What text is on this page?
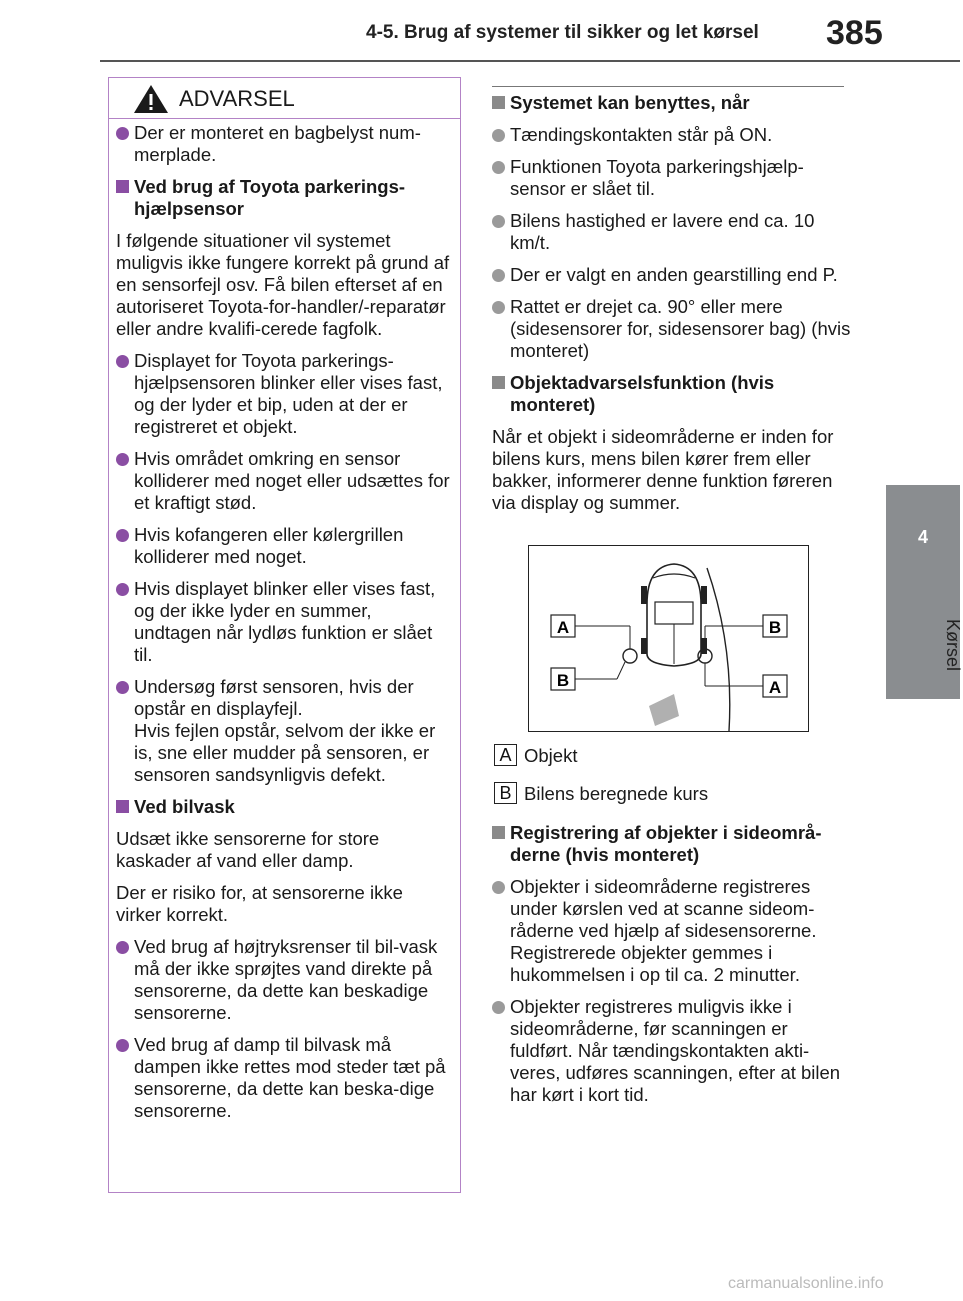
4-5. Brug af systemer til sikker og let kørsel	385
4
Kørsel
ADVARSEL
Der er monteret en bagbelyst num-merplade.
Ved brug af Toyota parkerings-hjælpsensor
I følgende situationer vil systemet muligvis ikke fungere korrekt på grund af en sensorfejl osv. Få bilen efterset af en autoriseret Toyota-for-handler/-reparatør eller andre kvalifi-cerede fagfolk.
Displayet for Toyota parkerings-hjælpsensoren blinker eller vises fast, og der lyder et bip, uden at der er registreret et objekt.
Hvis området omkring en sensor kolliderer med noget eller udsættes for et kraftigt stød.
Hvis kofangeren eller kølergrillen kolliderer med noget.
Hvis displayet blinker eller vises fast, og der ikke lyder en summer, undtagen når lydløs funktion er slået til.
Undersøg først sensoren, hvis der opstår en displayfejl.
Hvis fejlen opstår, selvom der ikke er is, sne eller mudder på sensoren, er sensoren sandsynligvis defekt.
Ved bilvask
Udsæt ikke sensorerne for store kaskader af vand eller damp.
Der er risiko for, at sensorerne ikke virker korrekt.
Ved brug af højtryksrenser til bil-vask må der ikke sprøjtes vand direkte på sensorerne, da dette kan beskadige sensorerne.
Ved brug af damp til bilvask må dampen ikke rettes mod steder tæt på sensorerne, da dette kan beska-dige sensorerne.
Systemet kan benyttes, når
Tændingskontakten står på ON.
Funktionen Toyota parkeringshjælp-sensor er slået til.
Bilens hastighed er lavere end ca. 10 km/t.
Der er valgt en anden gearstilling end P.
Rattet er drejet ca. 90° eller mere (sidesensorer for, sidesensorer bag) (hvis monteret)
Objektadvarselsfunktion (hvis monteret)
Når et objekt i sideområderne er inden for bilens kurs, mens bilen kører frem eller bakker, informerer denne funktion føreren via display og summer.
A	B
B	A
A Objekt
B Bilens beregnede kurs
Registrering af objekter i sideområ-derne (hvis monteret)
Objekter i sideområderne registreres under kørslen ved at scanne sideom-råderne ved hjælp af sidesensorerne. Registrerede objekter gemmes i hukommelsen i op til ca. 2 minutter.
Objekter registreres muligvis ikke i sideområderne, før scanningen er fuldført. Når tændingskontakten akti-veres, udføres scanningen, efter at bilen har kørt i kort tid.
carmanualsonline.info
